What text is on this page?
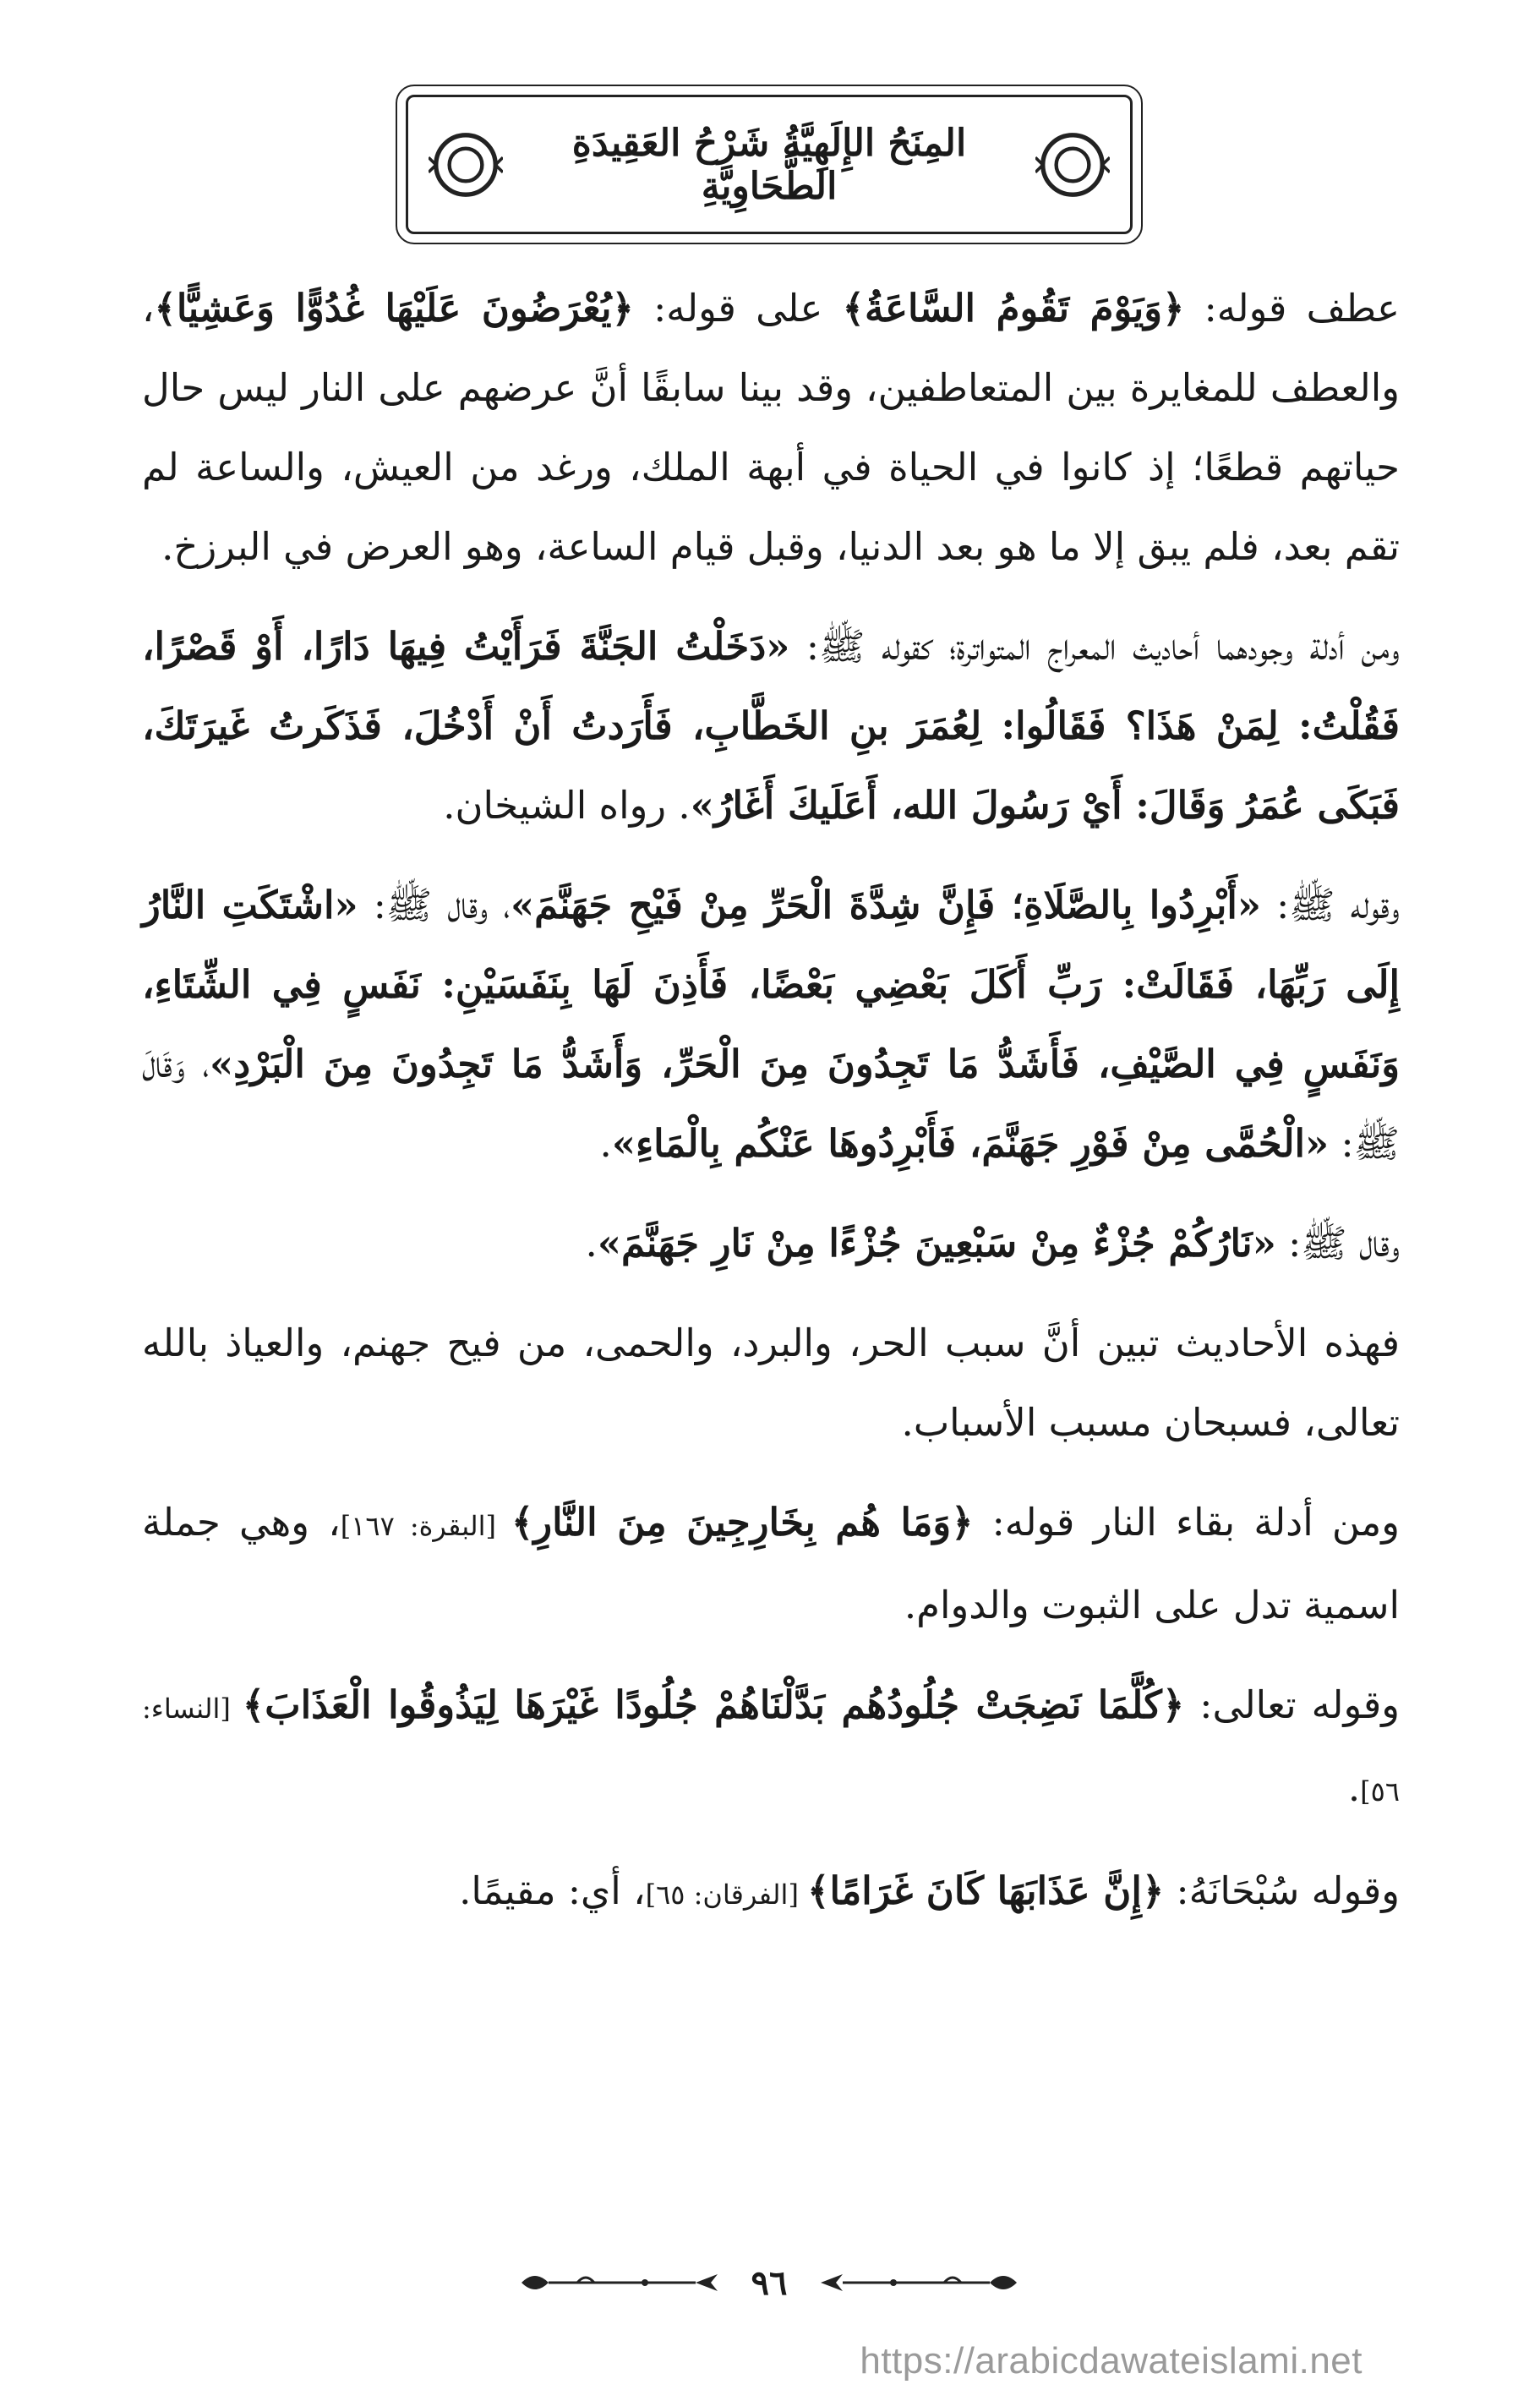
المِنَحُ الإِلَهِيَّةُ شَرْحُ العَقِيدَةِ الطَّحَاوِيَّةِ

عطف قوله: ﴿وَيَوْمَ تَقُومُ السَّاعَةُ﴾ على قوله: ﴿يُعْرَضُونَ عَلَيْهَا غُدُوًّا وَعَشِيًّا﴾، والعطف للمغايرة بين المتعاطفين، وقد بينا سابقًا أنَّ عرضهم على النار ليس حال حياتهم قطعًا؛ إذ كانوا في الحياة في أبهة الملك، ورغد من العيش، والساعة لم تقم بعد، فلم يبق إلا ما هو بعد الدنيا، وقبل قيام الساعة، وهو العرض في البرزخ.

ومن أدلة وجودهما أحاديث المعراج المتواترة؛ كقوله ﷺ: «دَخَلْتُ الجَنَّةَ فَرَأَيْتُ فِيهَا دَارًا، أَوْ قَصْرًا، فَقُلْتُ: لِمَنْ هَذَا؟ فَقَالُوا: لِعُمَرَ بنِ الخَطَّابِ، فَأَرَدتُ أَنْ أَدْخُلَ، فَذَكَرتُ غَيرَتَكَ، فَبَكَى عُمَرُ وَقَالَ: أَيْ رَسُولَ الله، أَعَلَيكَ أَغَارُ». رواه الشيخان.

وقوله ﷺ: «أَبْرِدُوا بِالصَّلَاةِ؛ فَإِنَّ شِدَّةَ الْحَرِّ مِنْ فَيْحِ جَهَنَّمَ»، وقال ﷺ: «اشْتَكَتِ النَّارُ إِلَى رَبِّهَا، فَقَالَتْ: رَبِّ أَكَلَ بَعْضِي بَعْضًا، فَأَذِنَ لَهَا بِنَفَسَيْنِ: نَفَسٍ فِي الشِّتَاءِ، وَنَفَسٍ فِي الصَّيْفِ، فَأَشَدُّ مَا تَجِدُونَ مِنَ الْحَرِّ، وَأَشَدُّ مَا تَجِدُونَ مِنَ الْبَرْدِ»، وَقَالَ ﷺ: «الْحُمَّى مِنْ فَوْرِ جَهَنَّمَ، فَأَبْرِدُوهَا عَنْكُم بِالْمَاءِ».

وقال ﷺ: «نَارُكُمْ جُزْءٌ مِنْ سَبْعِينَ جُزْءًا مِنْ نَارِ جَهَنَّمَ».

فهذه الأحاديث تبين أنَّ سبب الحر، والبرد، والحمى، من فيح جهنم، والعياذ بالله تعالى، فسبحان مسبب الأسباب.

ومن أدلة بقاء النار قوله: ﴿وَمَا هُم بِخَارِجِينَ مِنَ النَّارِ﴾ [البقرة: ١٦٧]، وهي جملة اسمية تدل على الثبوت والدوام.

وقوله تعالى: ﴿كُلَّمَا نَضِجَتْ جُلُودُهُم بَدَّلْنَاهُمْ جُلُودًا غَيْرَهَا لِيَذُوقُوا الْعَذَابَ﴾ [النساء: ٥٦].

وقوله سُبْحَانَهُ: ﴿إِنَّ عَذَابَهَا كَانَ غَرَامًا﴾ [الفرقان: ٦٥]، أي: مقيمًا.

٩٦
https://arabicdawateislami.net
